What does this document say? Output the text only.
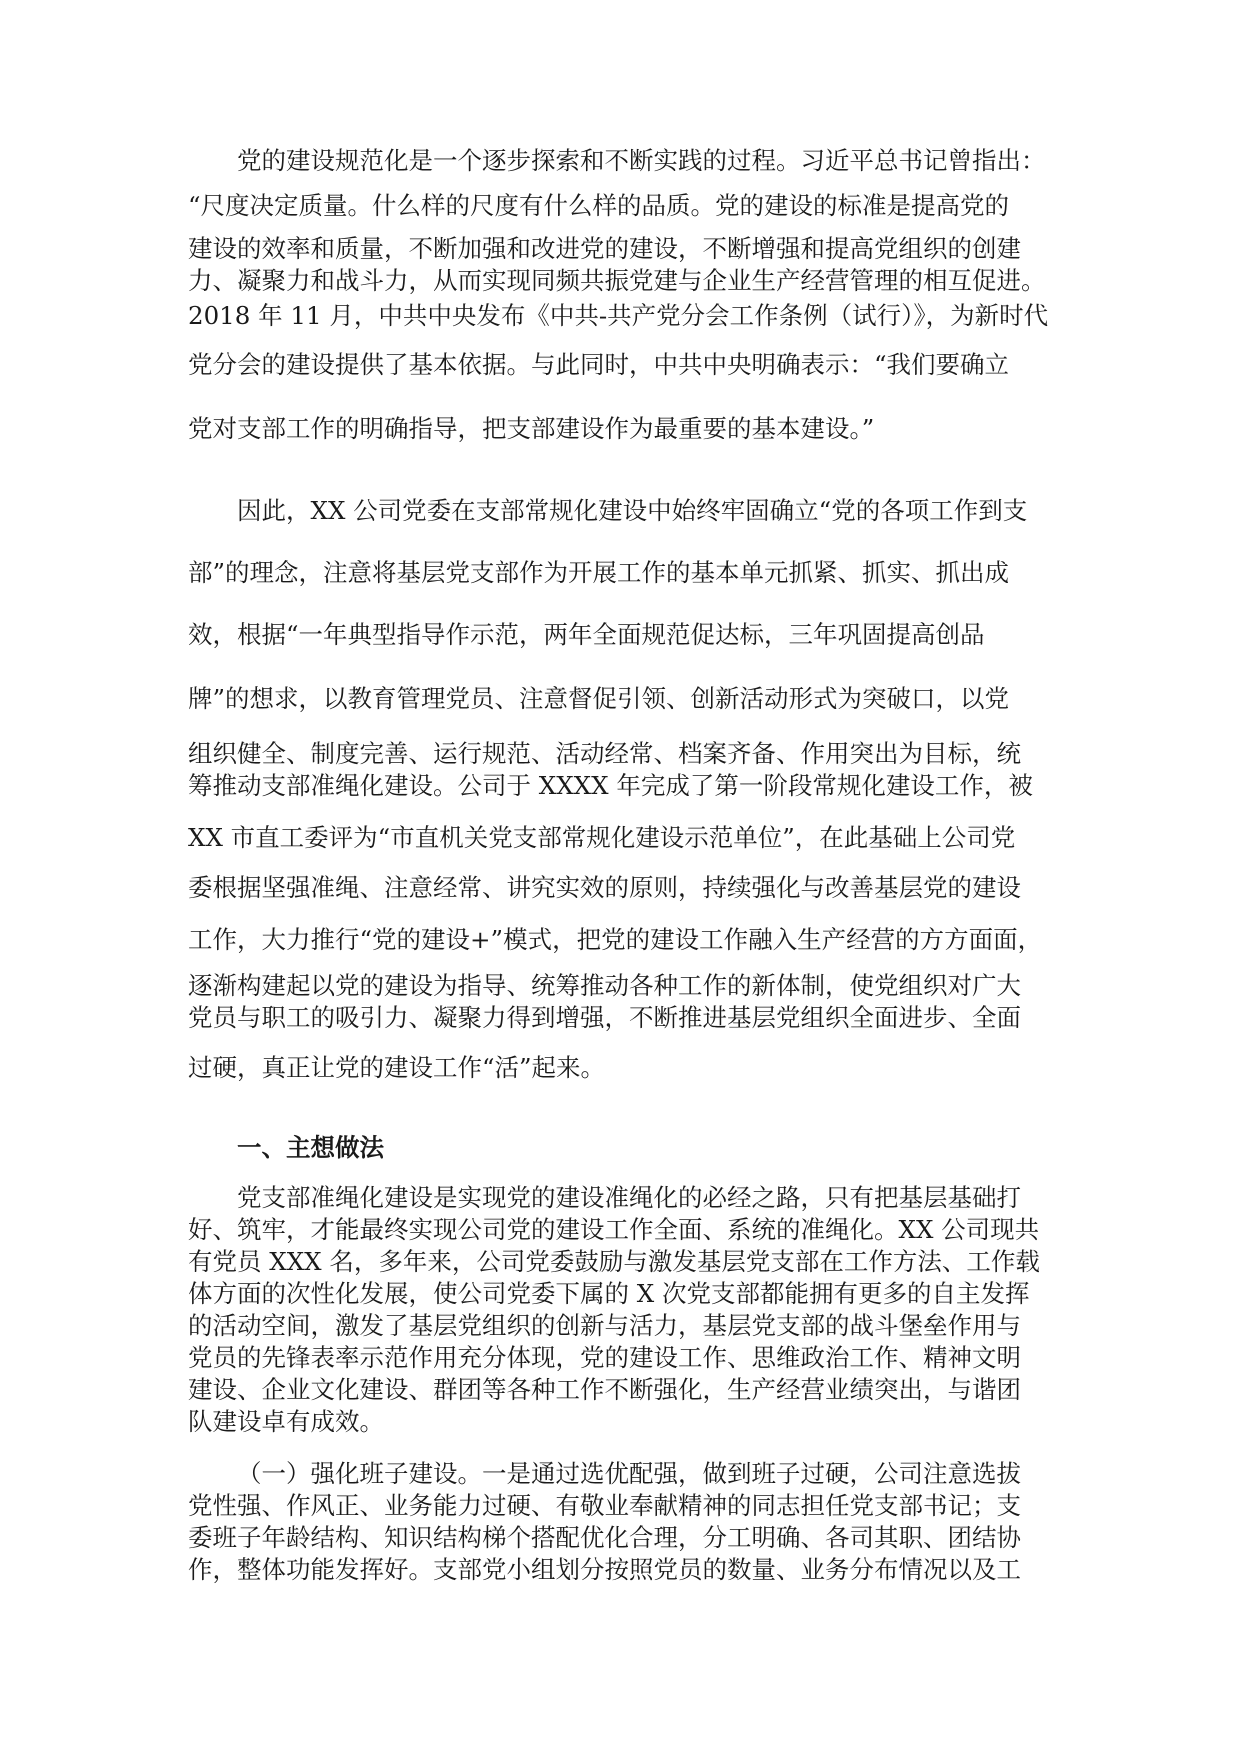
党的建设规范化是一个逐步探索和不断实践的过程。习近平总书记曾指出：
“尺度决定质量。什么样的尺度有什么样的品质。党的建设的标准是提高党的
建设的效率和质量，不断加强和改进党的建设，不断增强和提高党组织的创建
力、凝聚力和战斗力，从而实现同频共振党建与企业生产经营管理的相互促进。
2018 年 11 月，中共中央发布《中共-共产党分会工作条例（试行）》，为新时代
党分会的建设提供了基本依据。与此同时，中共中央明确表示：“我们要确立
党对支部工作的明确指导，把支部建设作为最重要的基本建设。”
因此，XX 公司党委在支部常规化建设中始终牢固确立“党的各项工作到支
部”的理念，注意将基层党支部作为开展工作的基本单元抓紧、抓实、抓出成
效，根据“一年典型指导作示范，两年全面规范促达标，三年巩固提高创品
牌”的想求，以教育管理党员、注意督促引领、创新活动形式为突破口，以党
组织健全、制度完善、运行规范、活动经常、档案齐备、作用突出为目标，统
筹推动支部准绳化建设。公司于 XXXX 年完成了第一阶段常规化建设工作，被
XX 市直工委评为“市直机关党支部常规化建设示范单位”，在此基础上公司党
委根据坚强准绳、注意经常、讲究实效的原则，持续强化与改善基层党的建设
工作，大力推行“党的建设+”模式，把党的建设工作融入生产经营的方方面面，
逐渐构建起以党的建设为指导、统筹推动各种工作的新体制，使党组织对广大
党员与职工的吸引力、凝聚力得到增强，不断推进基层党组织全面进步、全面
过硬，真正让党的建设工作“活”起来。
一、主想做法
党支部准绳化建设是实现党的建设准绳化的必经之路，只有把基层基础打
好、筑牢，才能最终实现公司党的建设工作全面、系统的准绳化。XX 公司现共
有党员 XXX 名，多年来，公司党委鼓励与激发基层党支部在工作方法、工作载
体方面的次性化发展，使公司党委下属的 X 次党支部都能拥有更多的自主发挥
的活动空间，激发了基层党组织的创新与活力，基层党支部的战斗堡垒作用与
党员的先锋表率示范作用充分体现，党的建设工作、思维政治工作、精神文明
建设、企业文化建设、群团等各种工作不断强化，生产经营业绩突出，与谐团
队建设卓有成效。
（一）强化班子建设。一是通过选优配强，做到班子过硬，公司注意选拔
党性强、作风正、业务能力过硬、有敬业奉献精神的同志担任党支部书记；支
委班子年龄结构、知识结构梯个搭配优化合理，分工明确、各司其职、团结协
作，整体功能发挥好。支部党小组划分按照党员的数量、业务分布情况以及工
